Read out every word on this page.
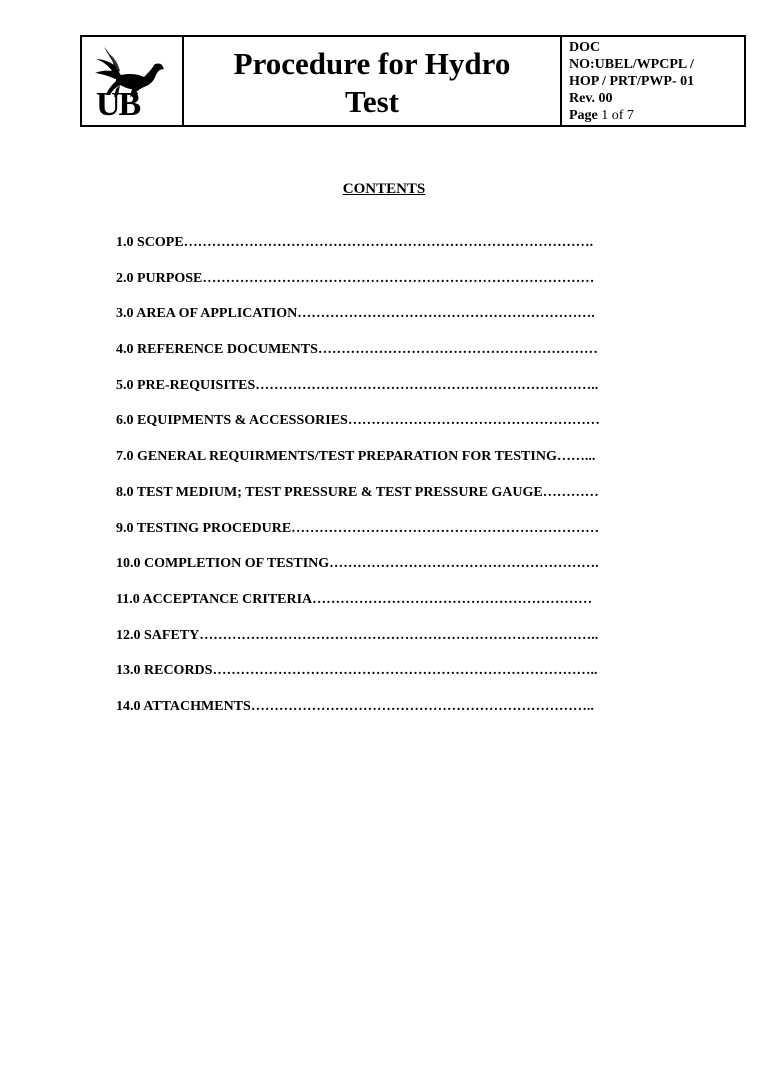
UB
Procedure for Hydro Test
DOC
NO:UBEL/WPCPL /
HOP / PRT/PWP- 01
Rev. 00
Page 1 of 7
CONTENTS
1.0 SCOPE…………………………………………………………………………….
2.0 PURPOSE…………………………………………………………………………
3.0 AREA OF APPLICATION……………………………………………………….
4.0 REFERENCE DOCUMENTS……………………………………………………
5.0 PRE-REQUISITES………………………………………………………………..
6.0 EQUIPMENTS & ACCESSORIES………………………………………………
7.0 GENERAL REQUIRMENTS/TEST PREPARATION FOR TESTING……...
8.0 TEST MEDIUM; TEST PRESSURE & TEST PRESSURE GAUGE…………
9.0 TESTING PROCEDURE…………………………………………………………
10.0 COMPLETION OF TESTING………………………………………………….
11.0 ACCEPTANCE CRITERIA……………………………………………………
12.0 SAFETY…………………………………………………………………………..
13.0 RECORDS………………………………………………………………………..
14.0 ATTACHMENTS………………………………………………………………..
